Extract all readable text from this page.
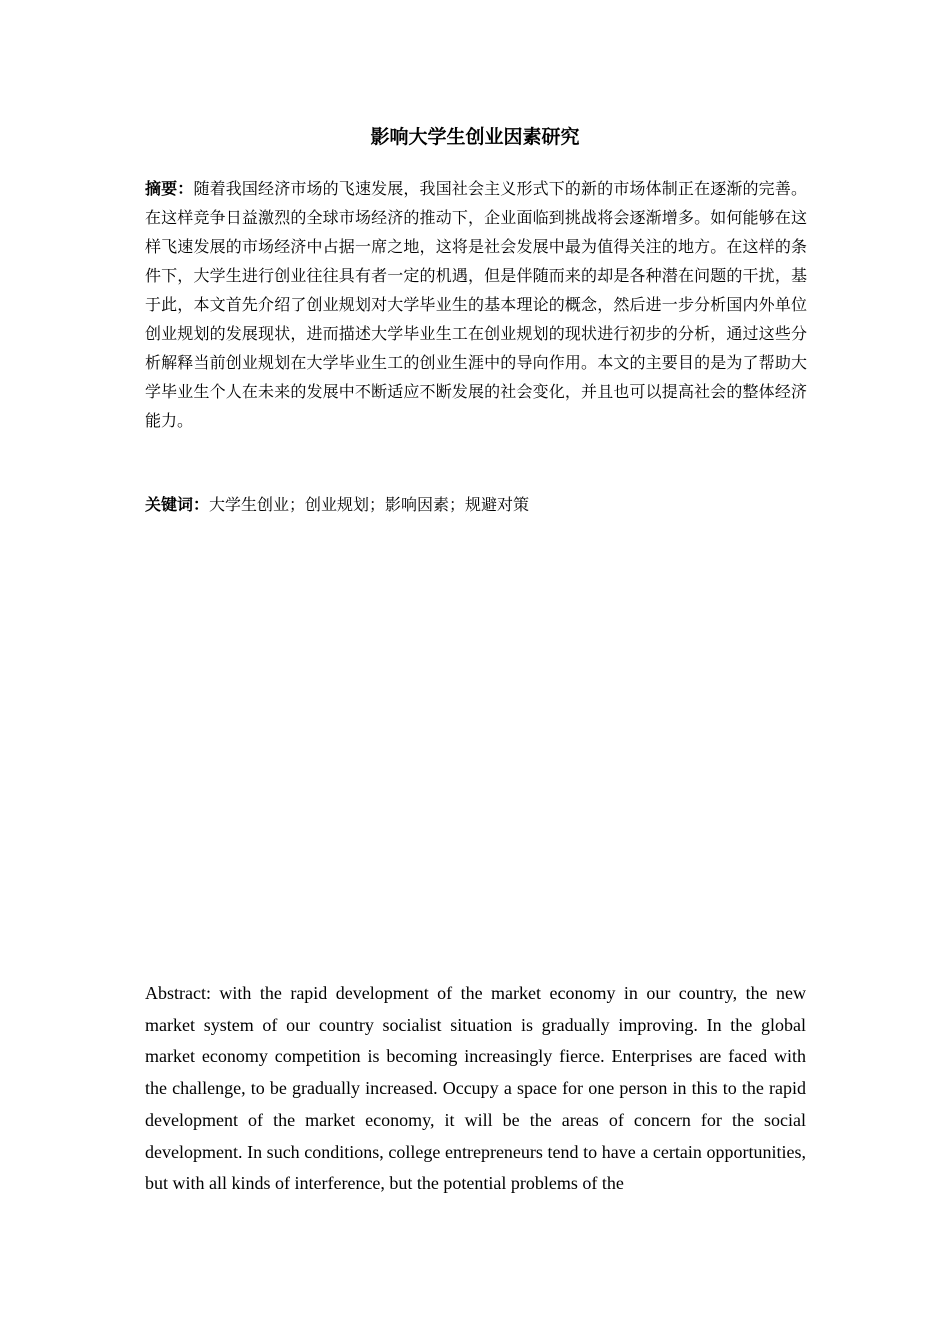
影响大学生创业因素研究
摘要：随着我国经济市场的飞速发展，我国社会主义形式下的新的市场体制正在逐渐的完善。在这样竞争日益激烈的全球市场经济的推动下，企业面临到挑战将会逐渐增多。如何能够在这样飞速发展的市场经济中占据一席之地，这将是社会发展中最为值得关注的地方。在这样的条件下，大学生进行创业往往具有者一定的机遇，但是伴随而来的却是各种潜在问题的干扰，基于此，本文首先介绍了创业规划对大学毕业生的基本理论的概念，然后进一步分析国内外单位创业规划的发展现状，进而描述大学毕业生工在创业规划的现状进行初步的分析，通过这些分析解释当前创业规划在大学毕业生工的创业生涯中的导向作用。本文的主要目的是为了帮助大学毕业生个人在未来的发展中不断适应不断发展的社会变化，并且也可以提高社会的整体经济能力。
关键词：大学生创业；创业规划；影响因素；规避对策
Abstract: with the rapid development of the market economy in our country, the new market system of our country socialist situation is gradually improving. In the global market economy competition is becoming increasingly fierce. Enterprises are faced with the challenge, to be gradually increased. Occupy a space for one person in this to the rapid development of the market economy, it will be the areas of concern for the social development. In such conditions, college entrepreneurs tend to have a certain opportunities, but with all kinds of interference, but the potential problems of the
